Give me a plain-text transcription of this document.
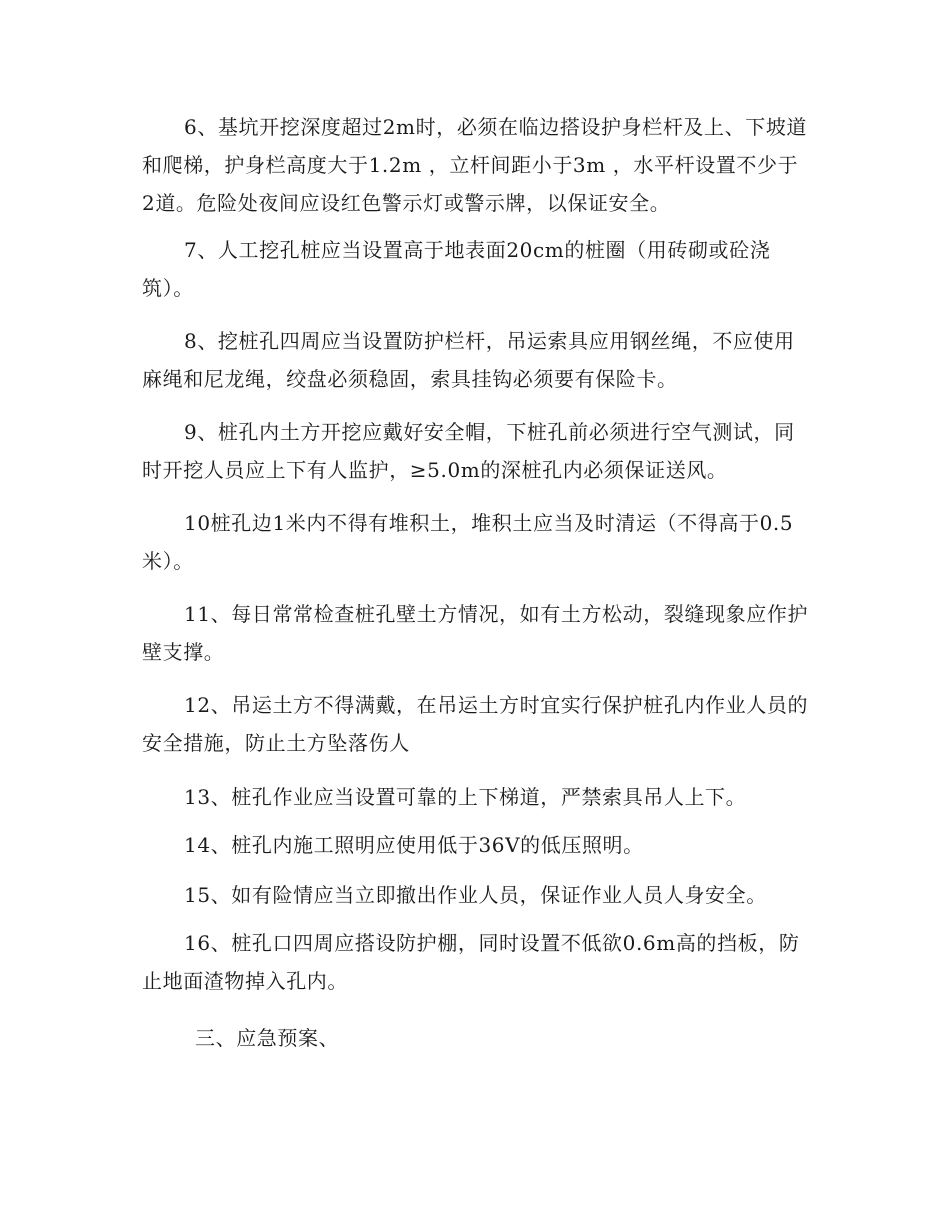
6、基坑开挖深度超过2m时，必须在临边搭设护身栏杆及上、下坡道和爬梯，护身栏高度大于1.2m ，立杆间距小于3m ，水平杆设置不少于2道。危险处夜间应设红色警示灯或警示牌，以保证安全。

7、人工挖孔桩应当设置高于地表面20cm的桩圈（用砖砌或砼浇筑）。

8、挖桩孔四周应当设置防护栏杆，吊运索具应用钢丝绳，不应使用麻绳和尼龙绳，绞盘必须稳固，索具挂钩必须要有保险卡。

9、桩孔内土方开挖应戴好安全帽，下桩孔前必须进行空气测试，同时开挖人员应上下有人监护，≥5.0m的深桩孔内必须保证送风。

10桩孔边1米内不得有堆积土，堆积土应当及时清运（不得高于0.5米）。

11、每日常常检查桩孔壁土方情况，如有土方松动，裂缝现象应作护壁支撑。

12、吊运土方不得满戴，在吊运土方时宜实行保护桩孔内作业人员的安全措施，防止土方坠落伤人

13、桩孔作业应当设置可靠的上下梯道，严禁索具吊人上下。

14、桩孔内施工照明应使用低于36V的低压照明。

15、如有险情应当立即撤出作业人员，保证作业人员人身安全。

16、桩孔口四周应搭设防护棚，同时设置不低欲0.6m高的挡板，防止地面渣物掉入孔内。

三、应急预案、
